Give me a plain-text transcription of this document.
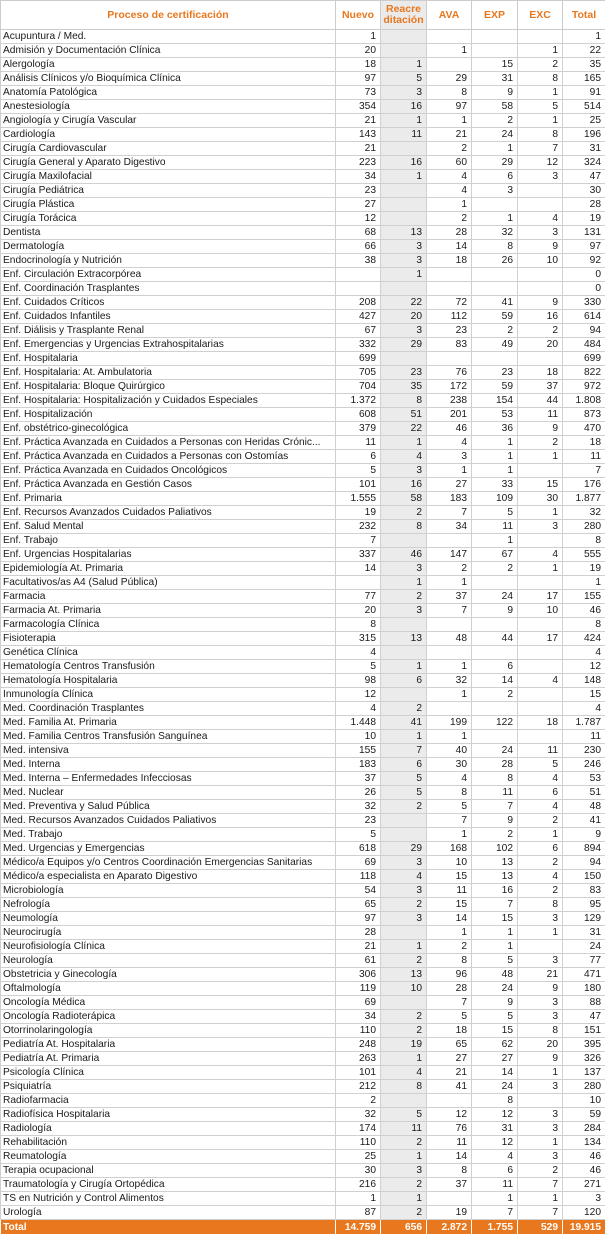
Proceso de certificación	Nuevo	Reacre ditación	AVA	EXP	EXC	Total
Acupuntura / Med.	1					1
Admisión y Documentación Clínica	20		1		1	22
Alergología	18	1		15	2	35
Análisis Clínicos y/o Bioquímica Clínica	97	5	29	31	8	165
Anatomía Patológica	73	3	8	9	1	91
Anestesiología	354	16	97	58	5	514
Angiología y Cirugía Vascular	21	1	1	2	1	25
Cardiología	143	11	21	24	8	196
Cirugía Cardiovascular	21		2	1	7	31
Cirugía General y Aparato Digestivo	223	16	60	29	12	324
Cirugía Maxilofacial	34	1	4	6	3	47
Cirugía Pediátrica	23		4	3		30
Cirugía Plástica	27		1			28
Cirugía Torácica	12		2	1	4	19
Dentista	68	13	28	32	3	131
Dermatología	66	3	14	8	9	97
Endocrinología y Nutrición	38	3	18	26	10	92
Enf. Circulación Extracorpórea		1				0
Enf. Coordinación Trasplantes						0
Enf. Cuidados Críticos	208	22	72	41	9	330
Enf. Cuidados Infantiles	427	20	112	59	16	614
Enf. Diálisis y Trasplante Renal	67	3	23	2	2	94
Enf. Emergencias y Urgencias Extrahospitalarias	332	29	83	49	20	484
Enf. Hospitalaria	699					699
Enf. Hospitalaria: At. Ambulatoria	705	23	76	23	18	822
Enf. Hospitalaria: Bloque Quirúrgico	704	35	172	59	37	972
Enf. Hospitalaria: Hospitalización y Cuidados Especiales	1.372	8	238	154	44	1.808
Enf. Hospitalización	608	51	201	53	11	873
Enf. obstétrico-ginecológica	379	22	46	36	9	470
Enf. Práctica Avanzada en Cuidados a Personas con Heridas Crónic...	11	1	4	1	2	18
Enf. Práctica Avanzada en Cuidados a Personas con Ostomías	6	4	3	1	1	11
Enf. Práctica Avanzada en Cuidados Oncológicos	5	3	1	1		7
Enf. Práctica Avanzada en Gestión Casos	101	16	27	33	15	176
Enf. Primaria	1.555	58	183	109	30	1.877
Enf. Recursos Avanzados Cuidados Paliativos	19	2	7	5	1	32
Enf. Salud Mental	232	8	34	11	3	280
Enf. Trabajo	7			1		8
Enf. Urgencias Hospitalarias	337	46	147	67	4	555
Epidemiología At. Primaria	14	3	2	2	1	19
Facultativos/as A4 (Salud Pública)		1	1			1
Farmacia	77	2	37	24	17	155
Farmacia At. Primaria	20	3	7	9	10	46
Farmacología Clínica	8					8
Fisioterapia	315	13	48	44	17	424
Genética Clínica	4					4
Hematología Centros Transfusión	5	1	1	6		12
Hematología Hospitalaria	98	6	32	14	4	148
Inmunología Clínica	12		1	2		15
Med. Coordinación Trasplantes	4	2				4
Med. Familia At. Primaria	1.448	41	199	122	18	1.787
Med. Familia Centros Transfusión Sanguínea	10	1	1			11
Med. intensiva	155	7	40	24	11	230
Med. Interna	183	6	30	28	5	246
Med. Interna – Enfermedades Infecciosas	37	5	4	8	4	53
Med. Nuclear	26	5	8	11	6	51
Med. Preventiva y Salud Pública	32	2	5	7	4	48
Med. Recursos Avanzados Cuidados Paliativos	23		7	9	2	41
Med. Trabajo	5		1	2	1	9
Med. Urgencias y Emergencias	618	29	168	102	6	894
Médico/a Equipos y/o Centros Coordinación Emergencias Sanitarias	69	3	10	13	2	94
Médico/a especialista en Aparato Digestivo	118	4	15	13	4	150
Microbiología	54	3	11	16	2	83
Nefrología	65	2	15	7	8	95
Neumología	97	3	14	15	3	129
Neurocirugía	28		1	1	1	31
Neurofisiología Clínica	21	1	2	1		24
Neurología	61	2	8	5	3	77
Obstetricia y Ginecología	306	13	96	48	21	471
Oftalmología	119	10	28	24	9	180
Oncología Médica	69		7	9	3	88
Oncología Radioterápica	34	2	5	5	3	47
Otorrinolaringología	110	2	18	15	8	151
Pediatría At. Hospitalaria	248	19	65	62	20	395
Pediatría At. Primaria	263	1	27	27	9	326
Psicología Clínica	101	4	21	14	1	137
Psiquiatría	212	8	41	24	3	280
Radiofarmacia	2			8		10
Radiofísica Hospitalaria	32	5	12	12	3	59
Radiología	174	11	76	31	3	284
Rehabilitación	110	2	11	12	1	134
Reumatología	25	1	14	4	3	46
Terapia ocupacional	30	3	8	6	2	46
Traumatología y Cirugía Ortopédica	216	2	37	11	7	271
TS en Nutrición y Control Alimentos	1	1		1	1	3
Urología	87	2	19	7	7	120
Total	14.759	656	2.872	1.755	529	19.915
